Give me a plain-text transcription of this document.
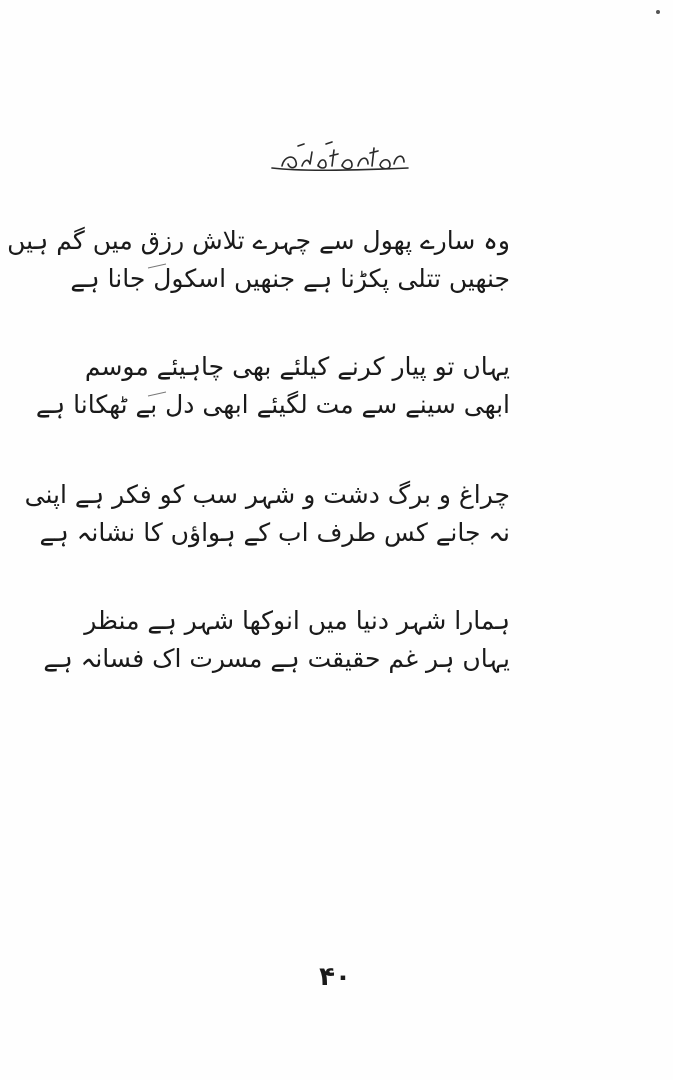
وہ سارے پھول سے چہرے تلاش رزق میں گم ہیں
جنھیں تتلی پکڑنا ہے جنھیں اسکول جانا ہے
یہاں تو پیار کرنے کیلئے بھی چاہیئے موسم
ابھی سینے سے مت لگیئے ابھی دل بے ٹھکانا ہے
چراغ و برگ دشت و شہر سب کو فکر ہے اپنی
نہ جانے کس طرف اب کے ہواؤں کا نشانہ ہے
ہمارا شہر دنیا میں انوکھا شہر ہے منظر
یہاں ہر غم حقیقت ہے مسرت اک فسانہ ہے
۴۰
